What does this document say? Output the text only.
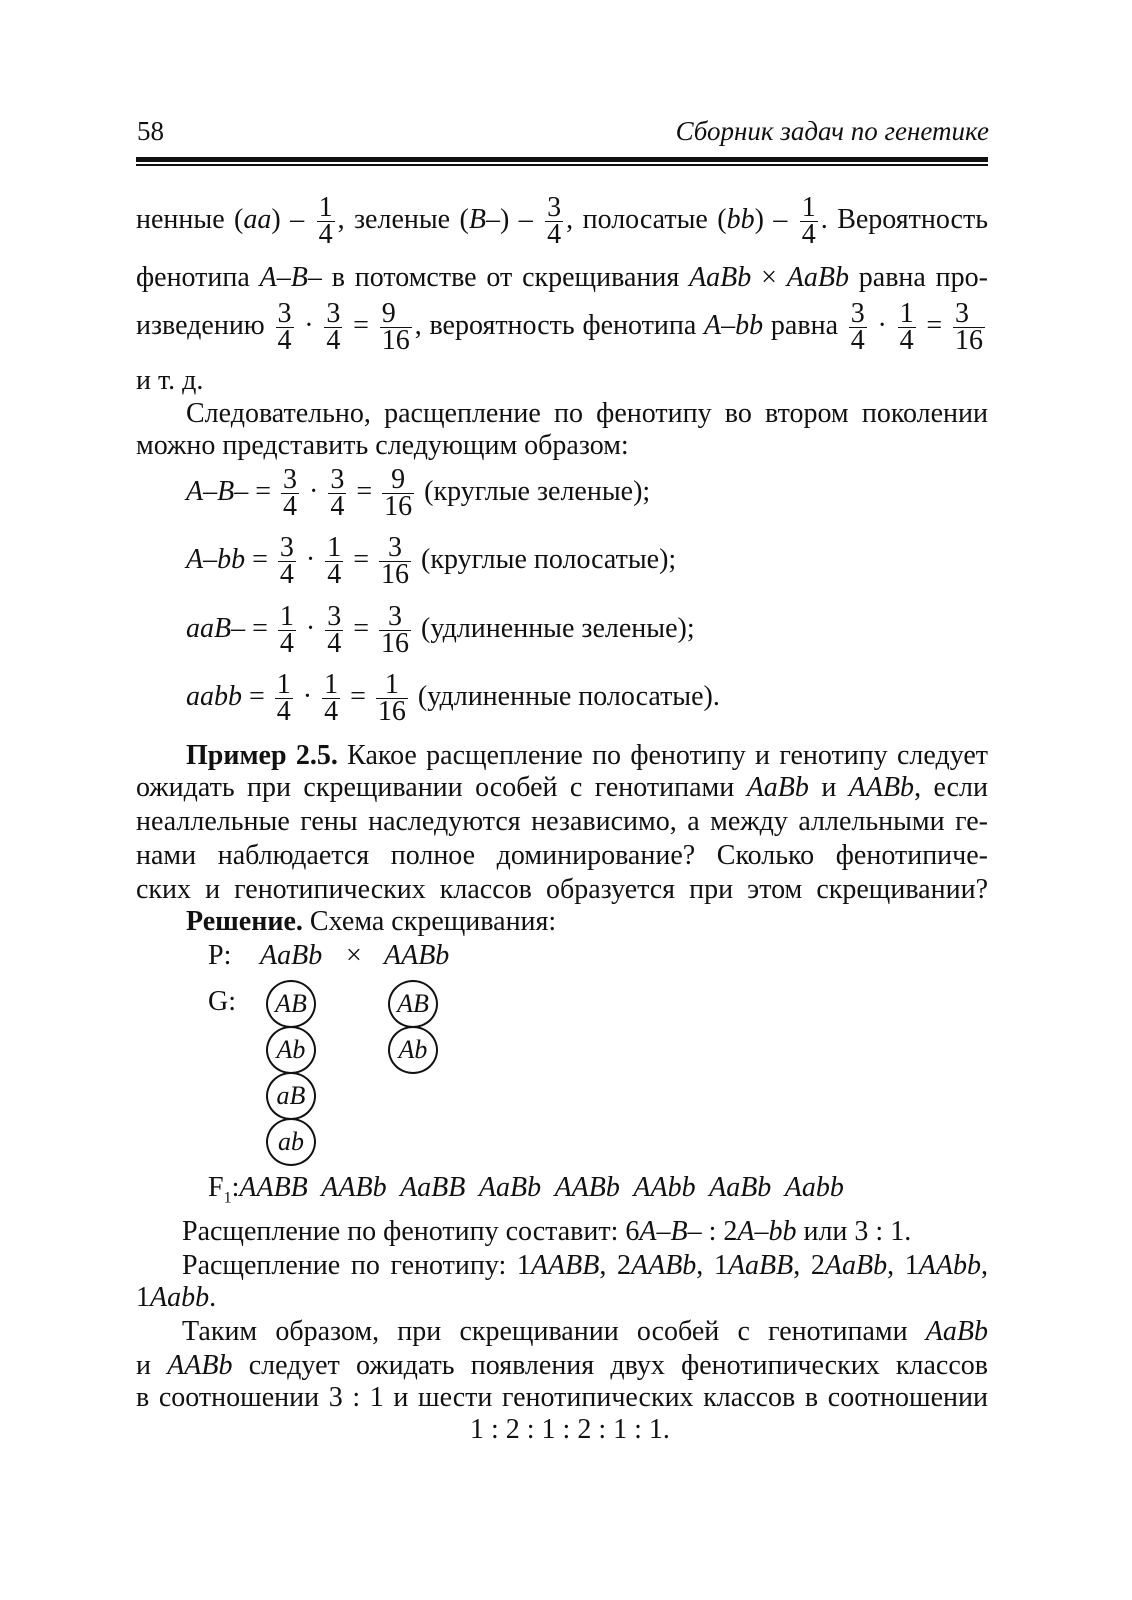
58	Сборник задач по генетике
ненные $(aa) - \frac{1}{4}$ , зеленые $(B-) - \frac{3}{4}$ , полосатые $(bb) - \frac{1}{4}$ . Вероятность
фенотипа A–B– в потомстве от скрещивания AaBb × AaBb равна про-
изведению $\frac{3}{4} \cdot \frac{3}{4} = \frac{9}{16}$ , вероятность фенотипа A–bb равна $\frac{3}{4} \cdot \frac{1}{4} = \frac{3}{16}$
и т. д.
Следовательно, расщепление по фенотипу во втором поколении
можно представить следующим образом:
$A-B- = \frac{3}{4} \cdot \frac{3}{4} = \frac{9}{16}$ (круглые зеленые);
$A-bb = \frac{3}{4} \cdot \frac{1}{4} = \frac{3}{16}$ (круглые полосатые);
$aaB- = \frac{1}{4} \cdot \frac{3}{4} = \frac{3}{16}$ (удлиненные зеленые);
aabb = $\frac{1}{4} \cdot \frac{1}{4} = \frac{1}{16}$ (удлиненные полосатые).
Пример 2.5. Какое расщепление по фенотипу и генотипу следует
ожидать при скрещивании особей с генотипами AaBb и AABb, если
неаллельные гены наследуются независимо, а между аллельными ге-
нами наблюдается полное доминирование? Сколько фенотипиче-
ских и генотипических классов образуется при этом скрещивании?
Решение. Схема скрещивания:
P: AaBb × AABb
G:	AB
Ab
aB
ab
AB
Ab
$F_1:AABB$  AABb  AaBB  AaBb  AABb  AAbb  AaBb  Aabb
Расщепление по фенотипу составит: 6A–B– : 2A–bb или 3 : 1.
Расщепление по генотипу: 1AABB, 2AABb, 1AaBB, 2AaBb, 1AAbb,
1Aabb.
Таким образом, при скрещивании особей с генотипами AaBb
и AABb следует ожидать появления двух фенотипических классов
в соотношении 3 : 1 и шести генотипических классов в соотношении
1 : 2 : 1 : 2 : 1 : 1.
